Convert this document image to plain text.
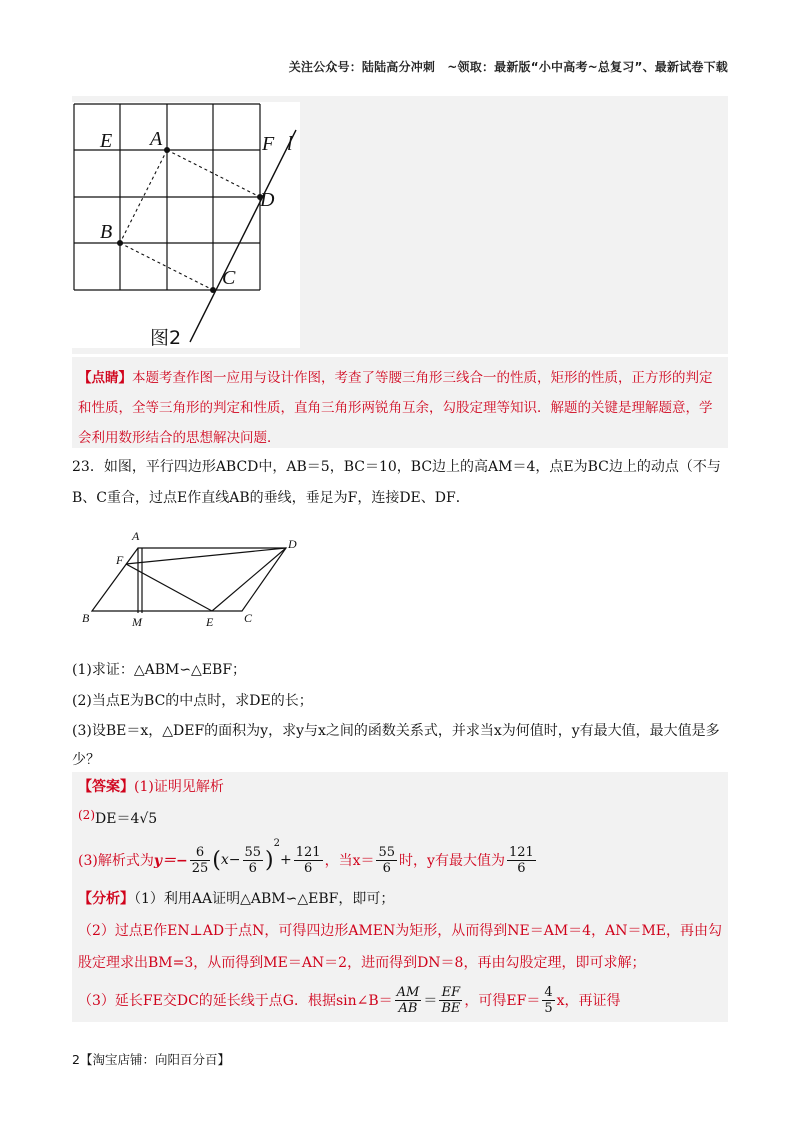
关注公众号：陆陆高分冲刺　~领取：最新版“小中高考~总复习”、最新试卷下载
E A	F l
D
B
C
图2
【点睛】本题考查作图一应用与设计作图，考查了等腰三角形三线合一的性质，矩形的性质，正方形的判定和性质，全等三角形的判定和性质，直角三角形两锐角互余，勾股定理等知识．解题的关键是理解题意，学会利用数形结合的思想解决问题．
23．如图，平行四边形ABCD中，AB＝5，BC＝10，BC边上的高AM＝4，点E为BC边上的动点（不与
B、C重合，过点E作直线AB的垂线，垂足为F，连接DE、DF．
A
D
F
B	M	E	C
(1)求证：△ABM∽△EBF；
(2)当点E为BC的中点时，求DE的长；
(3)设BE＝x，△DEF的面积为y，求y与x之间的函数关系式，并求当x为何值时，y有最大值，最大值是多
少？
【答案】(1)证明见解析
(2)DE＝4√5
(3)解析式为 $y=- \frac{6}{25}$ ( $x - \frac{55}{6}$ )
$^2$
+ $\frac{121}{6}$ ，当$x= \frac{55}{6}$ 时，y有最大值为 $\frac{121}{6}$
【分析】（1）利用AA证明△ABM∽△EBF，即可；
（2）过点E作EN⊥AD于点N，可得四边形AMEN为矩形，从而得到NE＝AM＝4，AN＝ME，再由勾
股定理求出BM=3，从而得到ME＝AN＝2，进而得到DN＝8，再由勾股定理，即可求解；
（3）延长FE交DC的延长线于点G．根据sin∠B＝ $\frac{AM}{AB} = \frac{EF}{BE}$ ，可得$EF= \frac{4}{5}$ x，再证得
2【淘宝店铺：向阳百分百】
